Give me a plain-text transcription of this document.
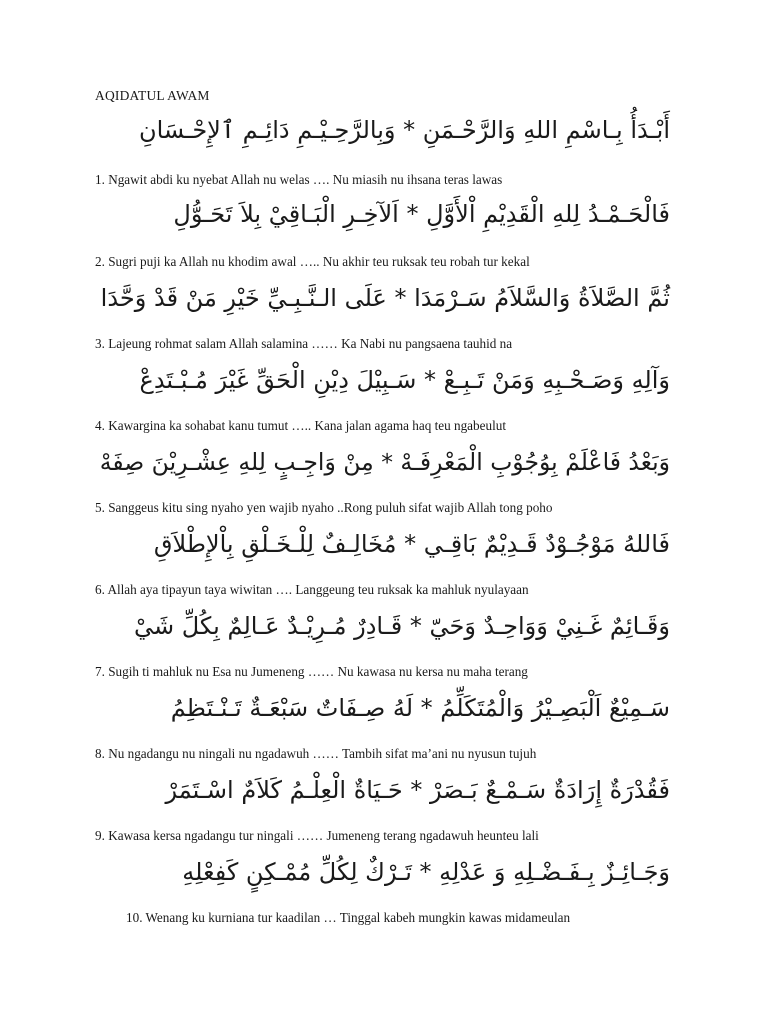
AQIDATUL AWAM
أَبْـدَأُ بِـاسْمِ اللهِ وَالرَّحْـمَنِ * وَبِالرَّحِـيْـمِ دَائِـمِ ٱلإِحْـسَانِ
1. Ngawit abdi ku nyebat Allah nu welas …. Nu miasih nu ihsana teras lawas
فَالْحَـمْـدُ لِلهِ الْقَدِيْمِ اْلأَوَّلِ * اَلآخِـرِ الْبَـاقِيْ بِلاَ تَحَـوُّلِ
2. Sugri puji ka Allah nu khodim awal ….. Nu akhir teu ruksak teu robah tur kekal
ثُمَّ الصَّلاَةُ وَالسَّلاَمُ سَـرْمَدَا * عَلَى الـنَّـبِـيِّ خَيْرِ مَنْ قَدْ وَحَّدَا
3. Lajeung rohmat salam Allah salamina …… Ka Nabi nu pangsaena tauhid na
وَآلِهِ وَصَـحْـبِهِ وَمَنْ تَـبِـعْ * سَـبِيْلَ دِيْنِ الْحَقِّ غَيْرَ مُـبْـتَدِعْ
4. Kawargina ka sohabat kanu tumut ….. Kana jalan agama haq teu ngabeulut
وَبَعْدُ فَاعْلَمْ بِوُجُوْبِ الْمَعْرِفَـهْ * مِنْ وَاجِـبٍ لِلهِ عِشْـرِيْنَ صِفَهْ
5. Sanggeus kitu sing nyaho yen wajib nyaho ..Rong puluh sifat wajib Allah tong poho
فَاللهُ مَوْجُـوْدٌ قَـدِيْمٌ بَاقِـي * مُخَالِـفٌ لِلْـخَـلْقِ بِاْلإِطْلاَقِ
6. Allah aya tipayun taya wiwitan …. Langgeung teu ruksak ka mahluk nyulayaan
وَقَـائِمٌ غَـنِيْ وَوَاحِـدٌ وَحَيّ * قَـادِرٌ مُـرِيْـدٌ عَـالِمٌ بِكُلِّ شَيْ
7. Sugih ti mahluk nu Esa nu Jumeneng …… Nu kawasa nu kersa nu maha terang
سَـمِيْعٌ اَلْبَصِـيْرُ وَالْمُتَكَلِّمُ * لَهُ صِـفَاتٌ سَبْعَـةٌ تَـنْـتَظِمُ
8. Nu ngadangu nu ningali nu ngadawuh …… Tambih sifat ma’ani nu nyusun tujuh
فَقُدْرَةٌ إِرَادَةٌ سَـمْـعٌ بَـصَرْ * حَـيَاةٌ الْعِلْـمُ كَلاَمٌ اسْـتَمَرْ
9. Kawasa kersa ngadangu tur ningali …… Jumeneng terang ngadawuh heunteu lali
وَجَـائِـزٌ بِـفَـضْـلِهِ وَ عَدْلِهِ * تَـرْكٌ لِكُلِّ مُمْـكِنٍ كَفِعْلِهِ
10. Wenang ku kurniana tur kaadilan … Tinggal kabeh mungkin kawas midameulan
